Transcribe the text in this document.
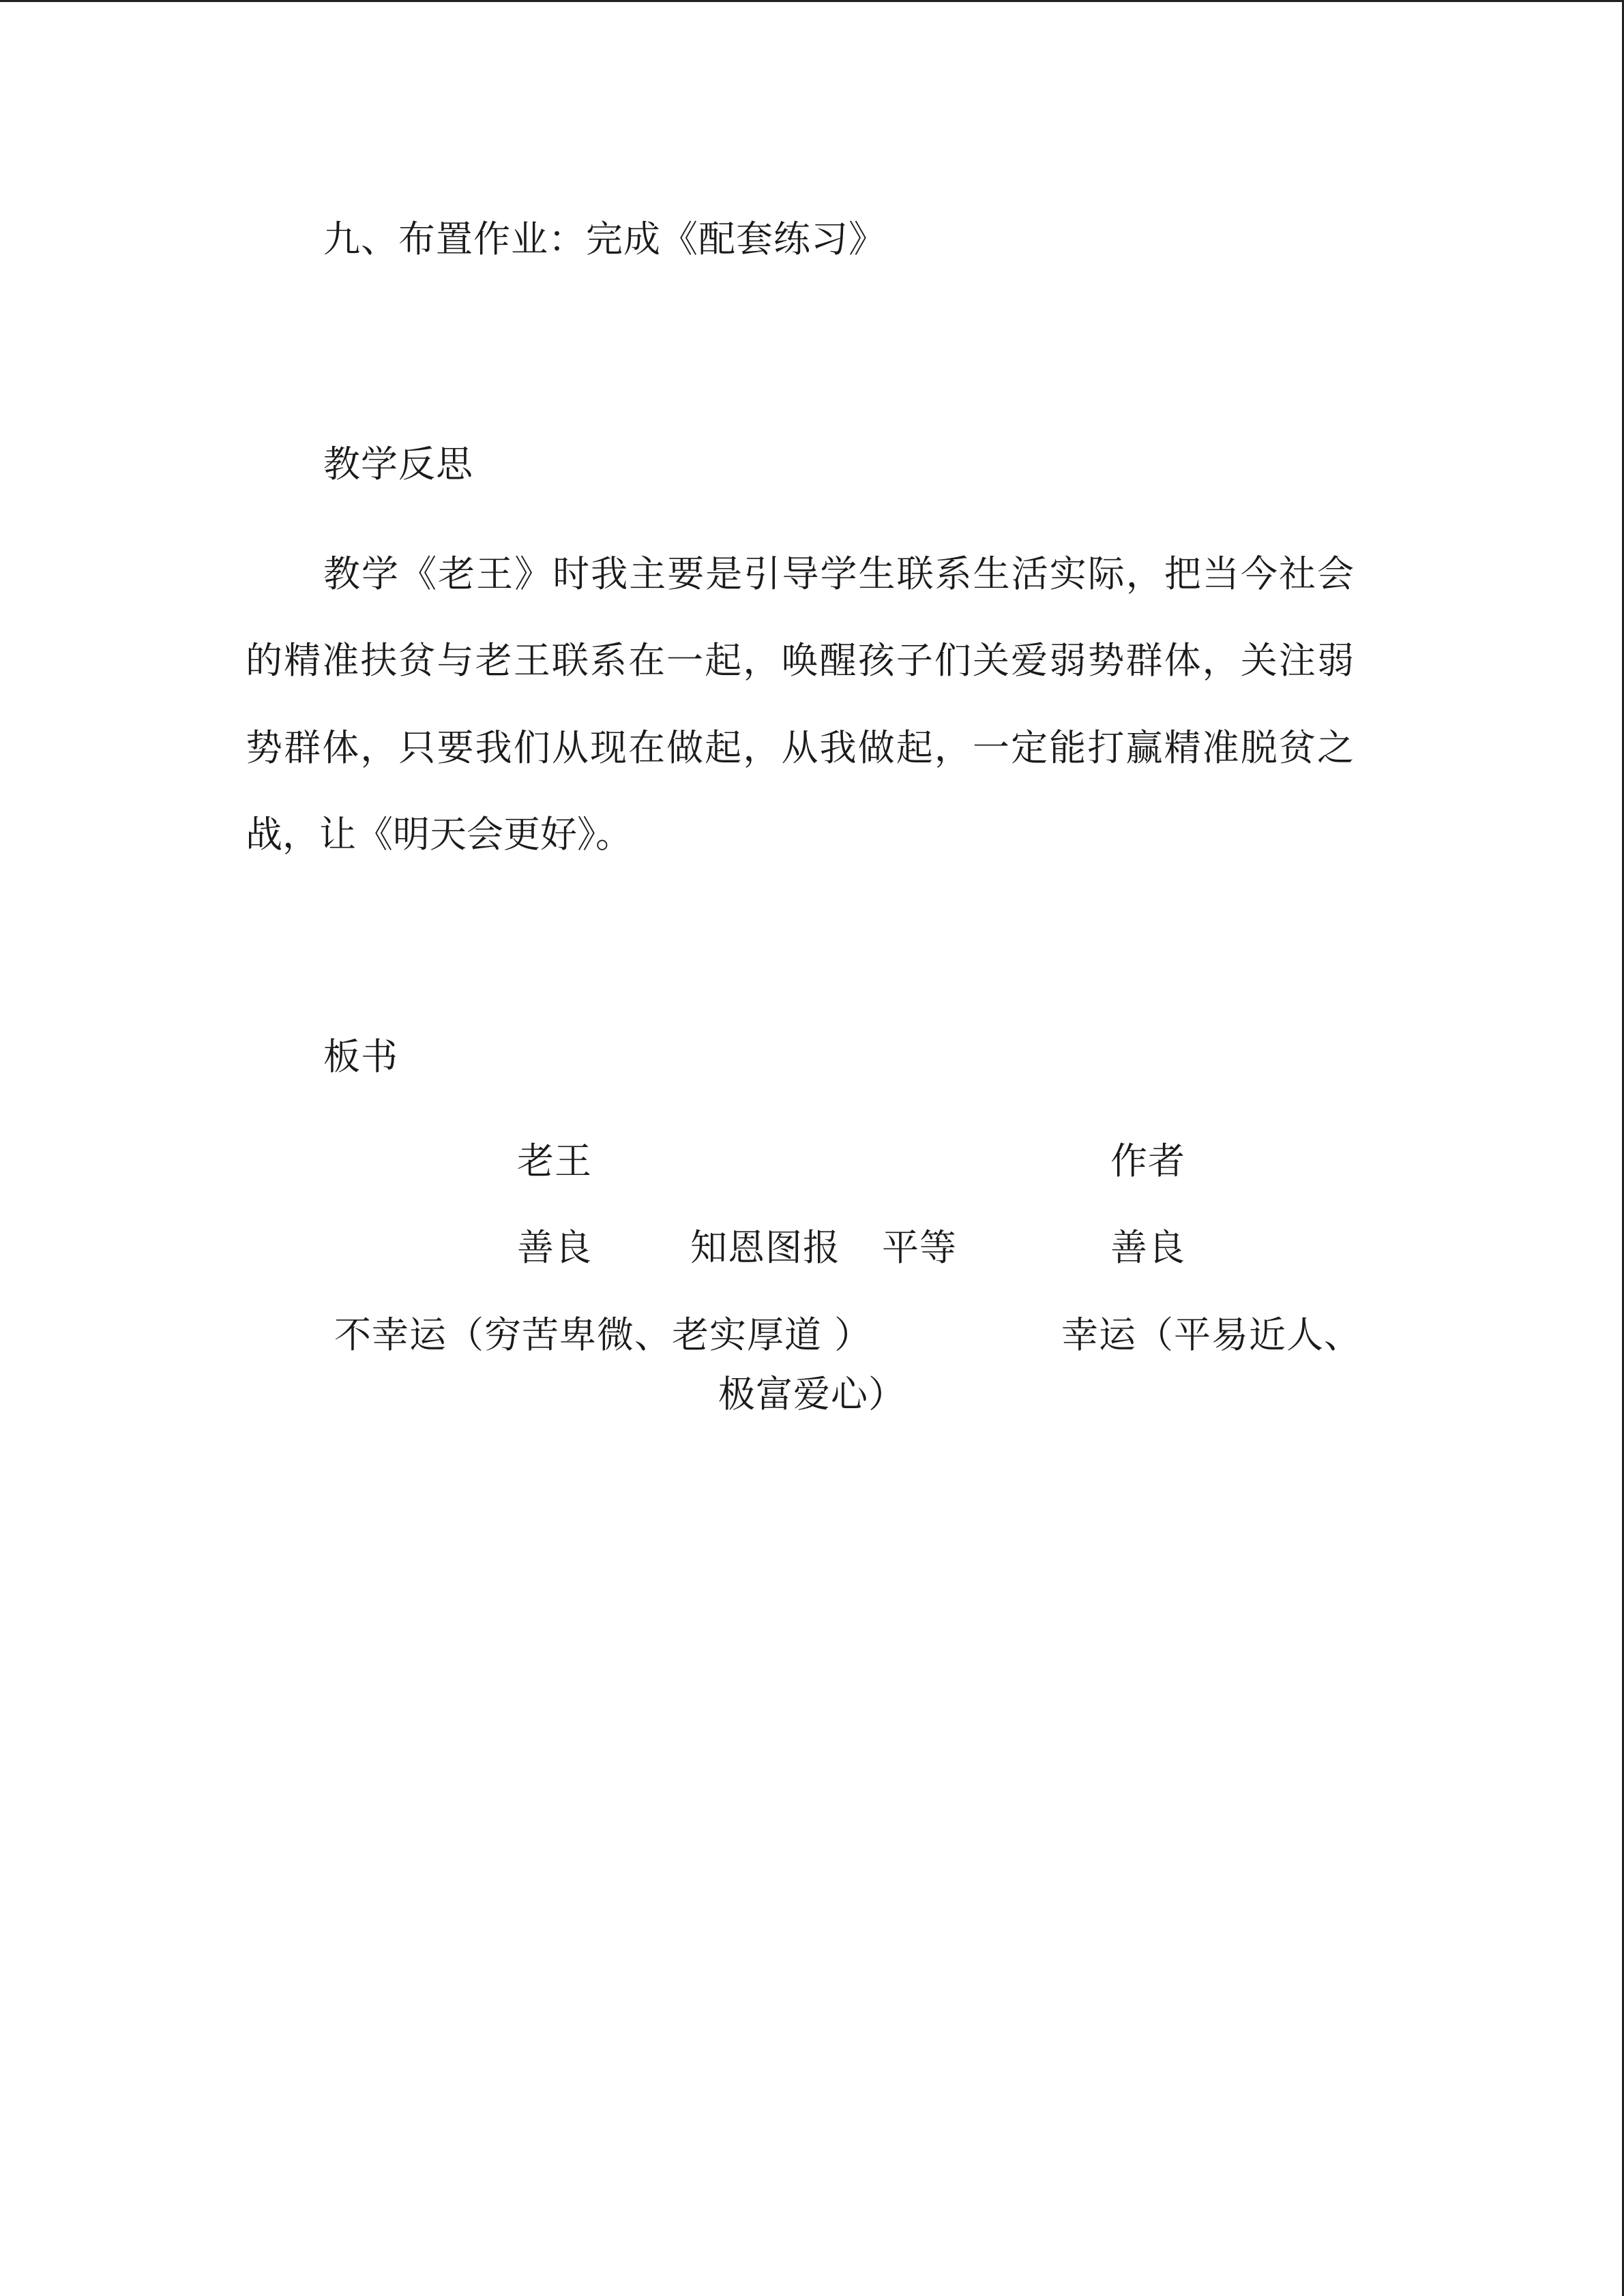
九、布置作业：完成《配套练习》
教学反思
教学《老王》时我主要是引导学生联系生活实际，把当今社会
的精准扶贫与老王联系在一起，唤醒孩子们关爱弱势群体，关注弱
势群体，只要我们从现在做起，从我做起，一定能打赢精准脱贫之
战，让《明天会更好》。
板书
老王	作者
善良	知恩图报 平等	善良
不幸运（穷苦卑微、老实厚道 ）	幸运（平易近人、
极富爱心）
